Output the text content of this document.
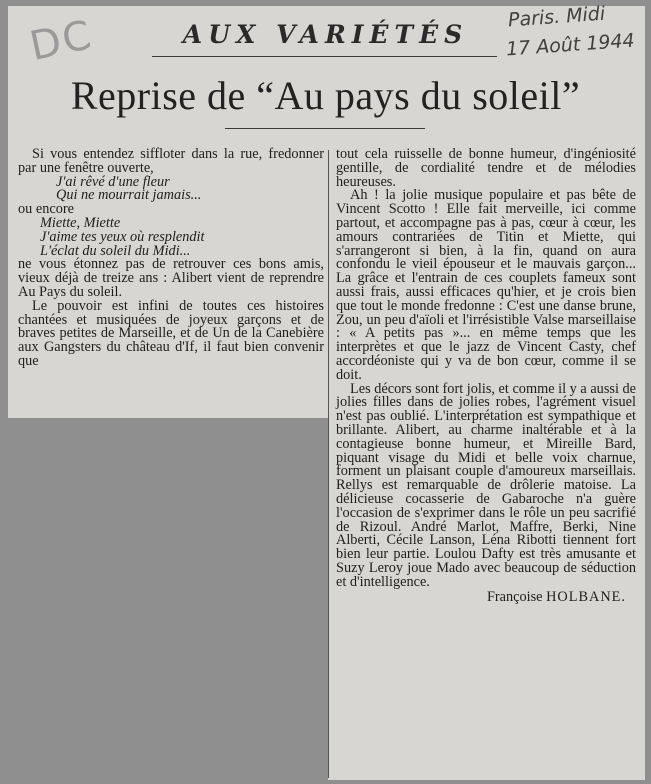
DC	Paris. Midi
17 Août 1944
AUX VARIÉTÉS
Reprise de “Au pays du soleil”

Si vous entendez siffloter dans la rue, fredonner par une fenêtre ouverte,

J'ai rêvé d'une fleur

Qui ne mourrait jamais...

ou encore

Miette, Miette

J'aime tes yeux où resplendit

L'éclat du soleil du Midi...

ne vous étonnez pas de retrouver ces bons amis, vieux déjà de treize ans : Alibert vient de reprendre Au Pays du soleil.

Le pouvoir est infini de toutes ces histoires chantées et musiquées de joyeux garçons et de braves petites de Marseille, et de Un de la Canebière aux Gangsters du château d'If, il faut bien convenir que

tout cela ruisselle de bonne humeur, d'ingéniosité gentille, de cordialité tendre et de mélodies heureuses.

Ah ! la jolie musique populaire et pas bête de Vincent Scotto ! Elle fait merveille, ici comme partout, et accompagne pas à pas, cœur à cœur, les amours contrariées de Titin et Miette, qui s'arrangeront si bien, à la fin, quand on aura confondu le vieil épouseur et le mauvais garçon... La grâce et l'entrain de ces couplets fameux sont aussi frais, aussi efficaces qu'hier, et je crois bien que tout le monde fredonne : C'est une danse brune, Zou, un peu d'aïoli et l'irrésistible Valse marseillaise : « A petits pas »... en même temps que les interprètes et que le jazz de Vincent Casty, chef accordéoniste qui y va de bon cœur, comme il se doit.

Les décors sont fort jolis, et comme il y a aussi de jolies filles dans de jolies robes, l'agrément visuel n'est pas oublié. L'interprétation est sympathique et brillante. Alibert, au charme inaltérable et à la contagieuse bonne humeur, et Mireille Bard, piquant visage du Midi et belle voix charnue, forment un plaisant couple d'amoureux marseillais. Rellys est remarquable de drôlerie matoise. La délicieuse cocasserie de Gabaroche n'a guère l'occasion de s'exprimer dans le rôle un peu sacrifié de Rizoul. André Marlot, Maffre, Berki, Nine Alberti, Cécile Lanson, Léna Ribotti tiennent fort bien leur partie. Loulou Dafty est très amusante et Suzy Leroy joue Mado avec beaucoup de séduction et d'intelligence.

Françoise HOLBANE.
